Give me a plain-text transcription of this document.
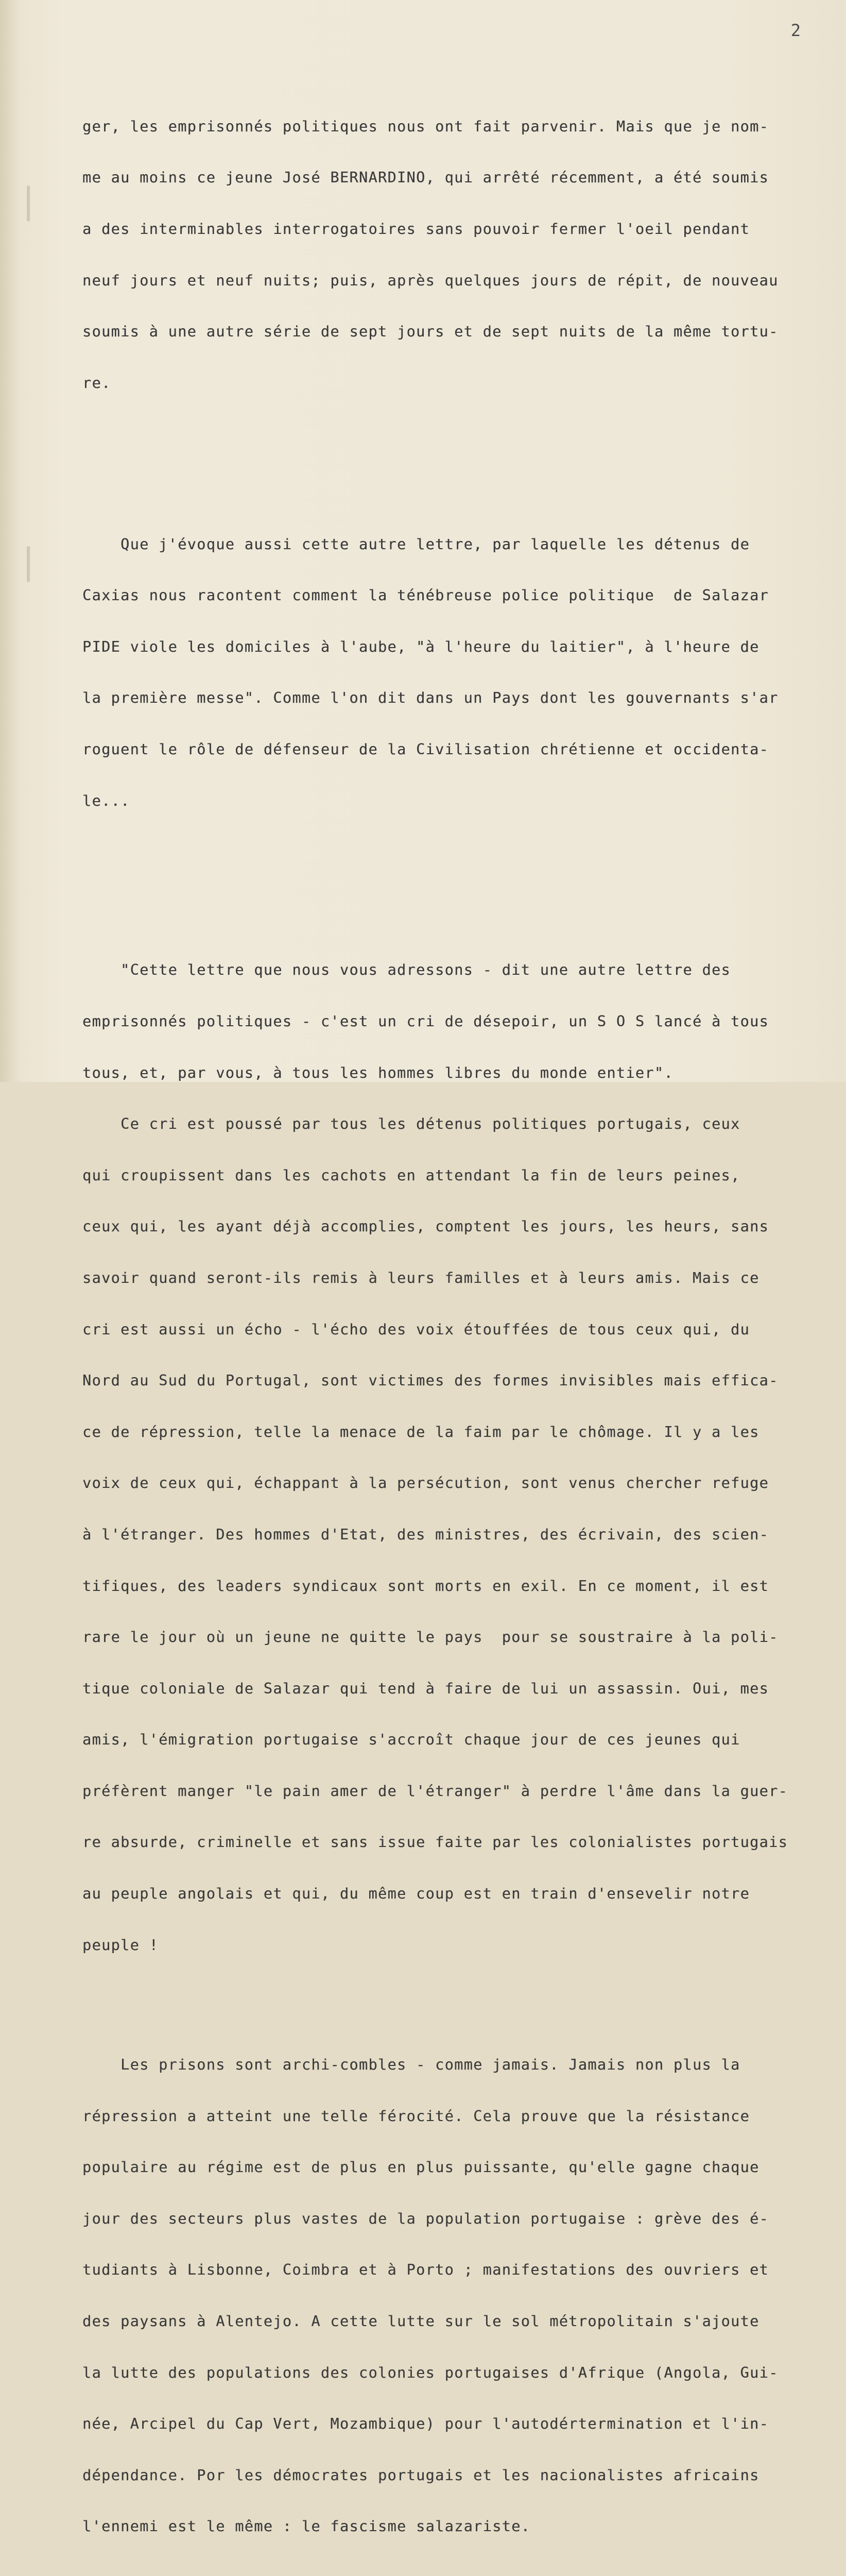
2

ger, les emprisonnés politiques nous ont fait parvenir. Mais que je nom-

me au moins ce jeune José BERNARDINO, qui arrêté récemment, a été soumis

a des interminables interrogatoires sans pouvoir fermer l'oeil pendant

neuf jours et neuf nuits; puis, après quelques jours de répit, de nouveau

soumis à une autre série de sept jours et de sept nuits de la même tortu-

re.

Que j'évoque aussi cette autre lettre, par laquelle les détenus de

Caxias nous racontent comment la ténébreuse police politique  de Salazar

PIDE viole les domiciles à l'aube, "à l'heure du laitier", à l'heure de

la première messe". Comme l'on dit dans un Pays dont les gouvernants s'ar

roguent le rôle de défenseur de la Civilisation chrétienne et occidenta-

le...

"Cette lettre que nous vous adressons - dit une autre lettre des

emprisonnés politiques - c'est un cri de désepoir, un S O S lancé à tous

tous, et, par vous, à tous les hommes libres du monde entier".

Ce cri est poussé par tous les détenus politiques portugais, ceux

qui croupissent dans les cachots en attendant la fin de leurs peines,

ceux qui, les ayant déjà accomplies, comptent les jours, les heurs, sans

savoir quand seront-ils remis à leurs familles et à leurs amis. Mais ce

cri est aussi un écho - l'écho des voix étouffées de tous ceux qui, du

Nord au Sud du Portugal, sont victimes des formes invisibles mais effica-

ce de répression, telle la menace de la faim par le chômage. Il y a les

voix de ceux qui, échappant à la persécution, sont venus chercher refuge

à l'étranger. Des hommes d'Etat, des ministres, des écrivain, des scien-

tifiques, des leaders syndicaux sont morts en exil. En ce moment, il est

rare le jour où un jeune ne quitte le pays  pour se soustraire à la poli-

tique coloniale de Salazar qui tend à faire de lui un assassin. Oui, mes

amis, l'émigration portugaise s'accroît chaque jour de ces jeunes qui

préfèrent manger "le pain amer de l'étranger" à perdre l'âme dans la guer-

re absurde, criminelle et sans issue faite par les colonialistes portugais

au peuple angolais et qui, du même coup est en train d'ensevelir notre

peuple !

Les prisons sont archi-combles - comme jamais. Jamais non plus la

répression a atteint une telle férocité. Cela prouve que la résistance

populaire au régime est de plus en plus puissante, qu'elle gagne chaque

jour des secteurs plus vastes de la population portugaise : grève des é-

tudiants à Lisbonne, Coimbra et à Porto ; manifestations des ouvriers et

des paysans à Alentejo. A cette lutte sur le sol métropolitain s'ajoute

la lutte des populations des colonies portugaises d'Afrique (Angola, Gui-

née, Arcipel du Cap Vert, Mozambique) pour l'autodértermination et l'in-

dépendance. Por les démocrates portugais et les nacionalistes africains

l'ennemi est le même : le fascisme salazariste.
